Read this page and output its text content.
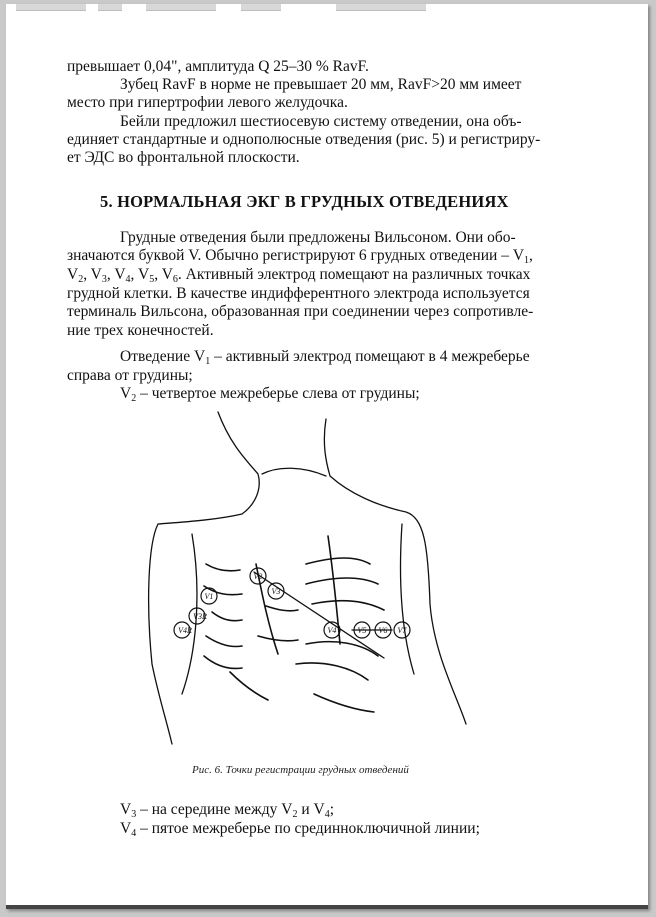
превышает 0,04", амплитуда Q 25–30 % RavF.
Зубец RavF в норме не превышает 20 мм, RavF>20 мм имеет
место при гипертрофии левого желудочка.
Бейли предложил шестиосевую систему отведении, она объ-
единяет стандартные и однополюсные отведения (рис. 5) и регистриру-
ет ЭДС во фронтальной плоскости.
5. НОРМАЛЬНАЯ ЭКГ В ГРУДНЫХ ОТВЕДЕНИЯХ
Грудные отведения были предложены Вильсоном. Они обо-
значаются буквой V. Обычно регистрируют 6 грудных отведении – $V_1$,
$V_2$, $V_3$, $V_4$, $V_5$, $V_6$. Активный электрод помещают на различных точках
грудной клетки. В качестве индифферентного электрода используется
терминаль Вильсона, образованная при соединении через сопротивле-
ние трех конечностей.
Отведение $V_1$ – активный электрод помещают в 4 межреберье
справа от грудины;
$V_2$ – четвертое межреберье слева от грудины;
V1
V2
V3
V3R
V4R	V4	V5 V6 V7
Рис. 6. Точки регистрации грудных отведений
$V_3$ – на середине между $V_2$ и $V_4$;
$V_4$ – пятое межреберье по срединноключичной линии;
